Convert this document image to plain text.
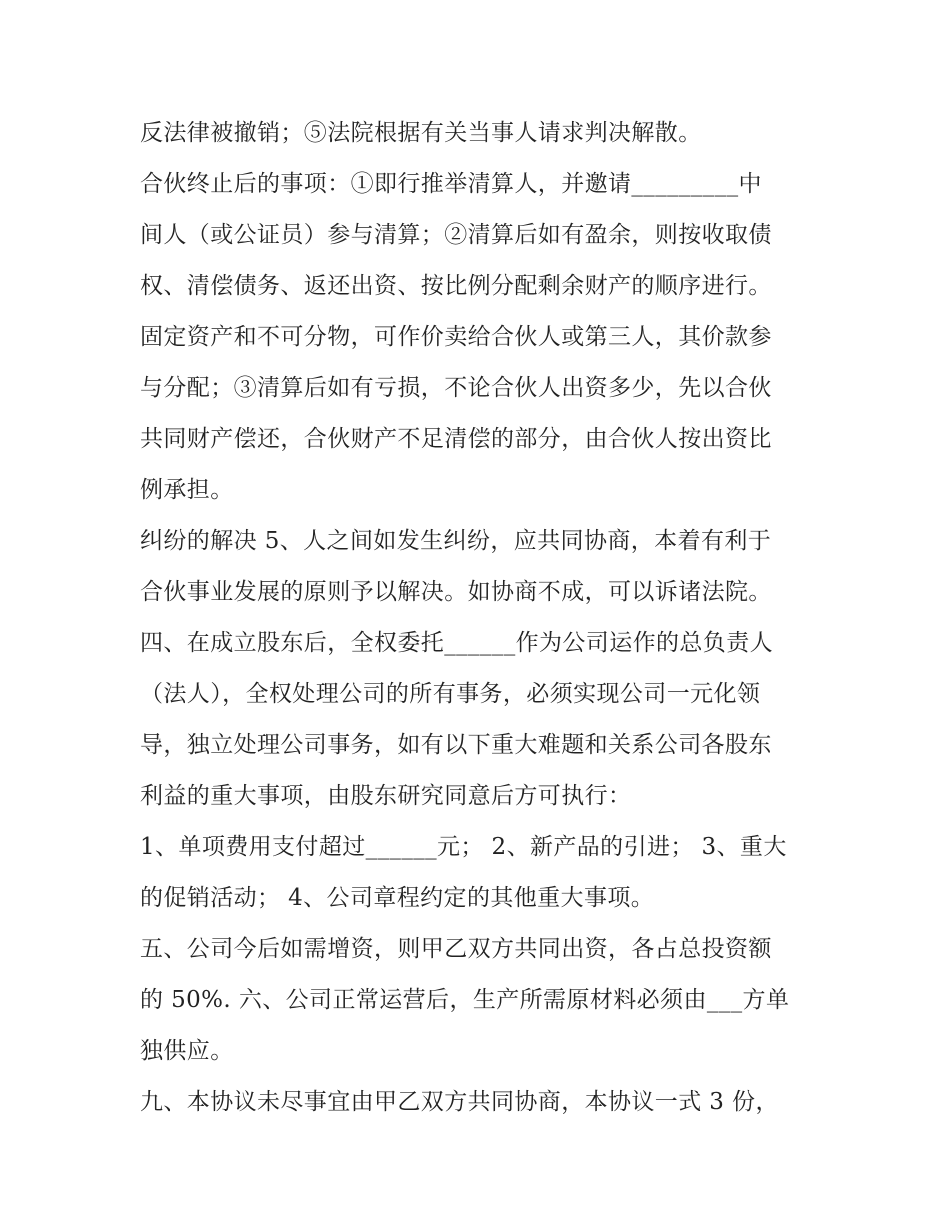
反法律被撤销；⑤法院根据有关当事人请求判决解散。
合伙终止后的事项：①即行推举清算人，并邀请_________中
间人（或公证员）参与清算；②清算后如有盈余，则按收取债
权、清偿债务、返还出资、按比例分配剩余财产的顺序进行。
固定资产和不可分物，可作价卖给合伙人或第三人，其价款参
与分配；③清算后如有亏损，不论合伙人出资多少，先以合伙
共同财产偿还，合伙财产不足清偿的部分，由合伙人按出资比
例承担。
纠纷的解决 5、人之间如发生纠纷，应共同协商，本着有利于
合伙事业发展的原则予以解决。如协商不成，可以诉诸法院。
四、在成立股东后，全权委托______作为公司运作的总负责人
（法人），全权处理公司的所有事务，必须实现公司一元化领
导，独立处理公司事务，如有以下重大难题和关系公司各股东
利益的重大事项，由股东研究同意后方可执行：
1、单项费用支付超过______元； 2、新产品的引进； 3、重大
的促销活动； 4、公司章程约定的其他重大事项。
五、公司今后如需增资，则甲乙双方共同出资，各占总投资额
的 50%. 六、公司正常运营后，生产所需原材料必须由___方单
独供应。
九、本协议未尽事宜由甲乙双方共同协商，本协议一式 3 份，
